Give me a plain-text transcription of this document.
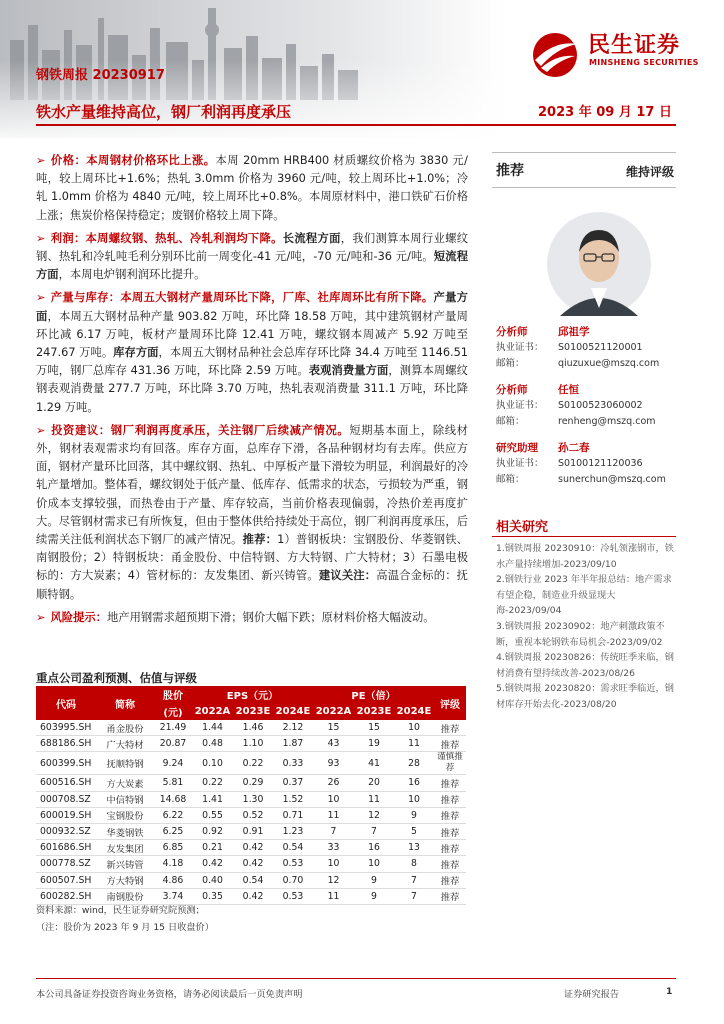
民生证券
MINSHENG SECURITIES
钢铁周报 20230917
铁水产量维持高位，钢厂利润再度承压	2023 年 09 月 17 日

➢ 价格：本周钢材价格环比上涨。本周 20mm HRB400 材质螺纹价格为 3830 元/吨，较上周环比+1.6%；热轧 3.0mm 价格为 3960 元/吨，较上周环比+1.0%；冷轧 1.0mm 价格为 4840 元/吨，较上周环比+0.8%。本周原材料中，港口铁矿石价格上涨；焦炭价格保持稳定；废钢价格较上周下降。

➢ 利润：本周螺纹钢、热轧、冷轧利润均下降。长流程方面，我们测算本周行业螺纹钢、热轧和冷轧吨毛利分别环比前一周变化-41 元/吨，-70 元/吨和-36 元/吨。短流程方面，本周电炉钢利润环比提升。

➢ 产量与库存：本周五大钢材产量周环比下降，厂库、社库周环比有所下降。产量方面，本周五大钢材品种产量 903.82 万吨，环比降 18.58 万吨，其中建筑钢材产量周环比减 6.17 万吨，板材产量周环比降 12.41 万吨，螺纹钢本周减产 5.92 万吨至 247.67 万吨。库存方面，本周五大钢材品种社会总库存环比降 34.4 万吨至 1146.51 万吨，钢厂总库存 431.36 万吨，环比降 2.59 万吨。表观消费量方面，测算本周螺纹钢表观消费量 277.7 万吨，环比降 3.70 万吨，热轧表观消费量 311.1 万吨，环比降 1.29 万吨。

➢ 投资建议：钢厂利润再度承压，关注钢厂后续减产情况。短期基本面上，除线材外，钢材表观需求均有回落。库存方面，总库存下滑，各品种钢材均有去库。供应方面，钢材产量环比回落，其中螺纹钢、热轧、中厚板产量下滑较为明显，利润最好的冷轧产量增加。整体看，螺纹钢处于低产量、低库存、低需求的状态，亏损较为严重，钢价成本支撑较强，而热卷由于产量、库存较高，当前价格表现偏弱，冷热价差再度扩大。尽管钢材需求已有所恢复，但由于整体供给持续处于高位，钢厂利润再度承压，后续需关注低利润状态下钢厂的减产情况。推荐：1）普钢板块：宝钢股份、华菱钢铁、南钢股份；2）特钢板块：甬金股份、中信特钢、方大特钢、广大特材；3）石墨电极标的：方大炭素；4）管材标的：友发集团、新兴铸管。建议关注：高温合金标的：抚顺特钢。

➢ 风险提示：地产用钢需求超预期下滑；钢价大幅下跌；原材料价格大幅波动。

推荐	维持评级
分析师	邱祖学
执业证书： S0100521120001
邮箱：	qiuzuxue@mszq.com
分析师	任恒
执业证书： S0100523060002
邮箱：	renheng@mszq.com
研究助理 孙二春
执业证书： S0100121120036
邮箱：	sunerchun@mszq.com
相关研究
1.钢铁周报 20230910：冷轧领涨钢市，铁水产量持续增加-2023/09/10
2.钢铁行业 2023 年半年报总结：地产需求有望企稳，制造业升级显现大海-2023/09/04
3.钢铁周报 20230902：地产刺激政策不断，重视本轮钢铁布局机会-2023/09/02
4.钢铁周报 20230826：传统旺季来临，钢材消费有望持续改善-2023/08/26
5.钢铁周报 20230820：需求旺季临近，钢材库存开始去化-2023/08/20
重点公司盈利预测、估值与评级
代码	简称	股价	EPS（元）			PE（倍）			评级
		(元)	2022A	2023E	2024E	2022A	2023E	2024E	
603995.SH	甬金股份	21.49	1.44	1.46	2.12	15	15	10	推荐
688186.SH	广大特材	20.87	0.48	1.10	1.87	43	19	11	推荐
600399.SH	抚顺特钢	9.24	0.10	0.22	0.33	93	41	28	谨慎推荐
600516.SH	方大炭素	5.81	0.22	0.29	0.37	26	20	16	推荐
000708.SZ	中信特钢	14.68	1.41	1.30	1.52	10	11	10	推荐
600019.SH	宝钢股份	6.22	0.55	0.52	0.71	11	12	9	推荐
000932.SZ	华菱钢铁	6.25	0.92	0.91	1.23	7	7	5	推荐
601686.SH	友发集团	6.85	0.21	0.42	0.54	33	16	13	推荐
000778.SZ	新兴铸管	4.18	0.42	0.42	0.53	10	10	8	推荐
600507.SH	方大特钢	4.86	0.40	0.54	0.70	12	9	7	推荐
600282.SH	南钢股份	3.74	0.35	0.42	0.53	11	9	7	推荐
资料来源：wind，民生证券研究院预测；
（注：股价为 2023 年 9 月 15 日收盘价）
本公司具备证券投资咨询业务资格，请务必阅读最后一页免责声明	证券研究报告	1
